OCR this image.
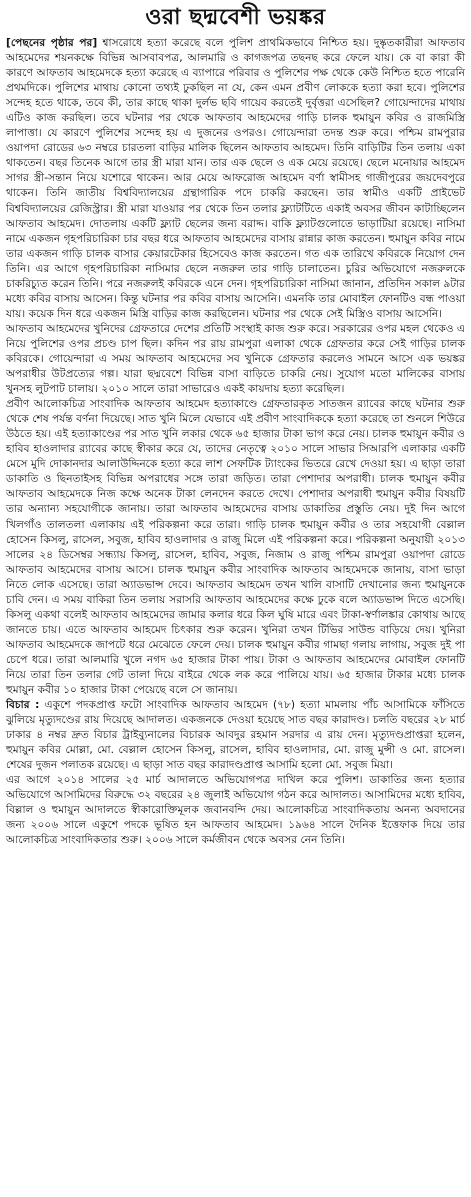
ওরা ছদ্মবেশী ভয়ঙ্কর

[পেছনের পৃষ্ঠার পর] শ্বাসরোধে হত্যা করেছে বলে পুলিশ প্রাথমিকভাবে নিশ্চিত হয়। দুষ্কৃতকারীরা আফতাব আহমেদের শয়নকক্ষে বিভিন্ন আসবাবপত্র, আলমারি ও কাগজপত্র তছনছ করে ফেলে যায়। কে বা কারা কী কারণে আফতাব আহমেদকে হত্যা করেছে এ ব্যাপারে পরিবার ও পুলিশের পক্ষ থেকে কেউ নিশ্চিত হতে পারেনি প্রথমদিকে। পুলিশের মাথায় কোনো তথ্যই ঢুকছিল না যে, কেন এমন প্রবীণ লোককে হত্যা করা হবে। পুলিশের সন্দেহ হতে থাকে, তবে কী, তার কাছে থাকা দুর্লভ ছবি গায়েব করতেই দুর্বৃত্তরা এসেছিল? গোয়েন্দাদের মাথায় এটিও কাজ করছিল। তবে ঘটনার পর থেকে আফতাব আহমেদের গাড়ি চালক হুমায়ুন কবির ও রাজমিস্ত্রি লাপাত্তা। যে কারণে পুলিশের সন্দেহ হয় এ দুজনের ওপরও। গোয়েন্দারা তদন্ত শুরু করে। পশ্চিম রামপুরার ওয়াপদা রোডের ৬৩ নম্বরে চারতলা বাড়ির মালিক ছিলেন আফতাব আহমেদ। তিনি বাড়িটির তিন তলায় একা থাকতেন। বছর তিনেক আগে তার স্ত্রী মারা যান। তার এক ছেলে ও এক মেয়ে রয়েছে। ছেলে মনোয়ার আহমেদ সাগর স্ত্রী-সন্তান নিয়ে যশোরে থাকেন। আর মেয়ে আফরোজ আহমেদ বর্ণা স্বামীসহ গাজীপুরের জয়দেবপুরে থাকেন। তিনি জাতীয় বিশ্ববিদ্যালয়ের গ্রন্থাগারিক পদে চাকরি করছেন। তার স্বামীও একটি প্রাইভেট বিশ্ববিদ্যালয়ের রেজিস্ট্রার। স্ত্রী মারা যাওয়ার পর থেকে তিন তলার ফ্ল্যাটটিতে একাই অবসর জীবন কাটাচ্ছিলেন আফতাব আহমেদ। দোতলায় একটি ফ্ল্যাট ছেলের জন্য বরাদ্দ। বাকি ফ্ল্যাটগুলোতে ভাড়াটিয়া রয়েছে। নাসিমা নামে একজন গৃহপরিচারিকা চার বছর ধরে আফতাব আহমেদের বাসায় রান্নার কাজ করতেন। হুমায়ুন কবির নামে তার একজন গাড়ি চালক বাসার কেয়ারটেকার হিসেবেও কাজ করতেন। গত এক তারিখে কবিরকে নিয়োগ দেন তিনি। এর আগে গৃহপরিচারিকা নাসিমার ছেলে নজরুল তার গাড়ি চালাতেন। চুরির অভিযোগে নজরুলকে চাকরিচ্যুত করেন তিনি। পরে নজরুলই কবিরকে এনে দেন। গৃহপরিচারিকা নাসিমা জানান, প্রতিদিন সকাল ৯টার মধ্যে কবির বাসায় আসেন। কিন্তু ঘটনার পর কবির বাসায় আসেনি। এমনকি তার মোবাইল ফোনটিও বন্ধ পাওয়া যায়। কয়েক দিন ধরে একজন মিস্ত্রি বাড়ির কাজ করছিলেন। ঘটনার পর থেকে সেই মিস্ত্রিও বাসায় আসেনি।

আফতাব আহমেদের খুনিদের গ্রেফতারে দেশের প্রতিটি সংস্থাই কাজ শুরু করে। সরকারের ওপর মহল থেকেও এ নিয়ে পুলিশের ওপর প্রচণ্ড চাপ ছিল। কদিন পর রায় রামপুরা এলাকা থেকে গ্রেফতার করে সেই গাড়ির চালক কবিরকে। গোয়েন্দারা এ সময় আফতাব আহমেদের সব খুনিকে গ্রেফতার করলেও সামনে আসে এক ভয়ঙ্কর অপরাধীর উটপ্রত্যের গল্প। যারা ছদ্মবেশে বিভিন্ন বাসা বাড়িতে চাকরি নেয়। সুযোগ মতো মালিকের বাসায় খুনসহ লুটপাট চালায়। ২০১০ সালে তারা সাভারেও একই কায়দায় হত্যা করেছিল।

প্রবীণ আলোকচিত্র সাংবাদিক আফতাব আহমেদ হত্যাকাণ্ডে গ্রেফতারকৃত সাতজন র‌্যাবের কাছে ঘটনার শুরু থেকে শেষ পর্যন্ত বর্ণনা দিয়েছে। সাত খুনি মিলে যেভাবে এই প্রবীণ সাংবাদিককে হত্যা করেছে তা শুনলে শিউরে উঠতে হয়। এই হত্যাকাণ্ডের পর সাত খুনি লকার থেকে ৬৫ হাজার টাকা ভাগ করে নেয়। চালক হুমায়ুন কবীর ও হাবিব হাওলাদার র‌্যাবের কাছে স্বীকার করে যে, তাদের নেতৃত্বে ২০১০ সালে সাভার সিআরপি এলাকার একটি মেসে মুদি দোকানদার আলাউদ্দিনকে হত্যা করে লাশ সেফটিক ট্যাংকের ভিতরে রেখে দেওয়া হয়। এ ছাড়া তারা ডাকাতি ও ছিনতাইসহ বিভিন্ন অপরাধের সঙ্গে তারা জড়িত। তারা পেশাদার অপরাধী। চালক হুমায়ুন কবীর আফতাব আহমেদকে নিজ কক্ষে অনেক টাকা লেনদেন করতে দেখে। পেশাদার অপরাধী হুমায়ুন কবীর বিষয়টি তার অন্যান্য সহযোগীকে জানায়। তারা আফতাব আহমেদের বাসায় ডাকাতির প্রস্তুতি নেয়। দুই দিন আগে খিলগাঁও তালতলা এলাকায় এই পরিকল্পনা করে তারা। গাড়ি চালক হুমায়ুন কবীর ও তার সহযোগী বেল্লাল হোসেন কিসলু, রাসেল, সবুজ, হাবিব হাওলাদার ও রাজু মিলে এই পরিকল্পনা করে। পরিকল্পনা অনুযায়ী ২০১৩ সালের ২৪ ডিসেম্বর সন্ধ্যায় কিসলু, রাসেল, হাবিব, সবুজ, নিজাম ও রাজু পশ্চিম রামপুরা ওয়াপদা রোডে আফতাব আহমেদের বাসায় আসে। চালক হুমায়ুন কবীর সাংবাদিক আফতাব আহমেদকে জানায়, বাসা ভাড়া নিতে লোক এসেছে। তারা অ্যাডভান্স দেবে। আফতাব আহমেদ তখন খালি বাসাটি দেখানোর জন্য হুমায়ুনকে চাবি দেন। এ সময় বাকিরা তিন তলায় সরাসরি আফতাব আহমেদের কক্ষে ঢুকে বলে অ্যাডভান্স দিতে এসেছি। কিসলু একথা বলেই আফতাব আহমেদের জামার কলার ধরে কিল ঘুষি মারে এবং টাকা-স্বর্ণালঙ্কার কোথায় আছে জানতে চায়। এতে আফতাব আহমেদ চিৎকার শুরু করেন। খুনিরা তখন টিভির সাউন্ড বাড়িয়ে দেয়। খুনিরা আফতাব আহমেদকে জাপটে ধরে মেঝেতে ফেলে দেয়। চালক হুমায়ুন কবীর গামছা গলায় লাগায়, সবুজ দুই পা চেপে ধরে। তারা আলমারি খুলে নগদ ৬৫ হাজার টাকা পায়। টাকা ও আফতাব আহমেদের মোবাইল ফোনটি নিয়ে তারা তিন তলার গেট তালা দিয়ে বাইরে থেকে লক করে পালিয়ে যায়। ৬৫ হাজার টাকার মধ্যে চালক হুমায়ুন কবীর ১০ হাজার টাকা পেয়েছে বলে সে জানায়।

বিচার : একুশে পদকপ্রাপ্ত ফটো সাংবাদিক আফতাব আহমেদ (৭৮) হত্যা মামলায় পাঁচ আসামিকে ফাঁসিতে ঝুলিয়ে মৃত্যুদণ্ডের রায় দিয়েছে আদালত। একজনকে দেওয়া হয়েছে সাত বছর কারাদণ্ড। চলতি বছরের ২৮ মার্চ ঢাকার ৪ নম্বর দ্রুত বিচার ট্রাইব্যুনালের বিচারক আবদুর রহমান সরদার এ রায় দেন। মৃত্যুদণ্ডপ্রাপ্তরা হলেন, হুমায়ুন কবির মোল্লা, মো. বেল্লাল হোসেন কিসলু, রাসেল, হাবিব হাওলাদার, মো. রাজু মুন্সী ও মো. রাসেল। শেষের দুজন পলাতক রয়েছে। এ ছাড়া সাত বছর কারাদণ্ডপ্রাপ্ত আসামি হলো মো. সবুজ মিয়া।

এর আগে ২০১৪ সালের ২৫ মার্চ আদালতে অভিযোগপত্র দাখিল করে পুলিশ। ডাকাতির জন্য হত্যার অভিযোগে আসামিদের বিরুদ্ধে ৩২ বছরের ২৪ জুলাই অভিযোগ গঠন করে আদালত। আসামিদের মধ্যে হাবিব, বিল্লাল ও হুমায়ুন আদালতে স্বীকারোক্তিমূলক জবানবন্দি দেয়। আলোকচিত্র সাংবাদিকতায় অনন্য অবদানের জন্য ২০০৬ সালে একুশে পদকে ভূষিত হন আফতাব আহমেদ। ১৯৬৪ সালে দৈনিক ইত্তেফাক দিয়ে তার আলোকচিত্র সাংবাদিকতার শুরু। ২০০৬ সালে কর্মজীবন থেকে অবসর নেন তিনি।
